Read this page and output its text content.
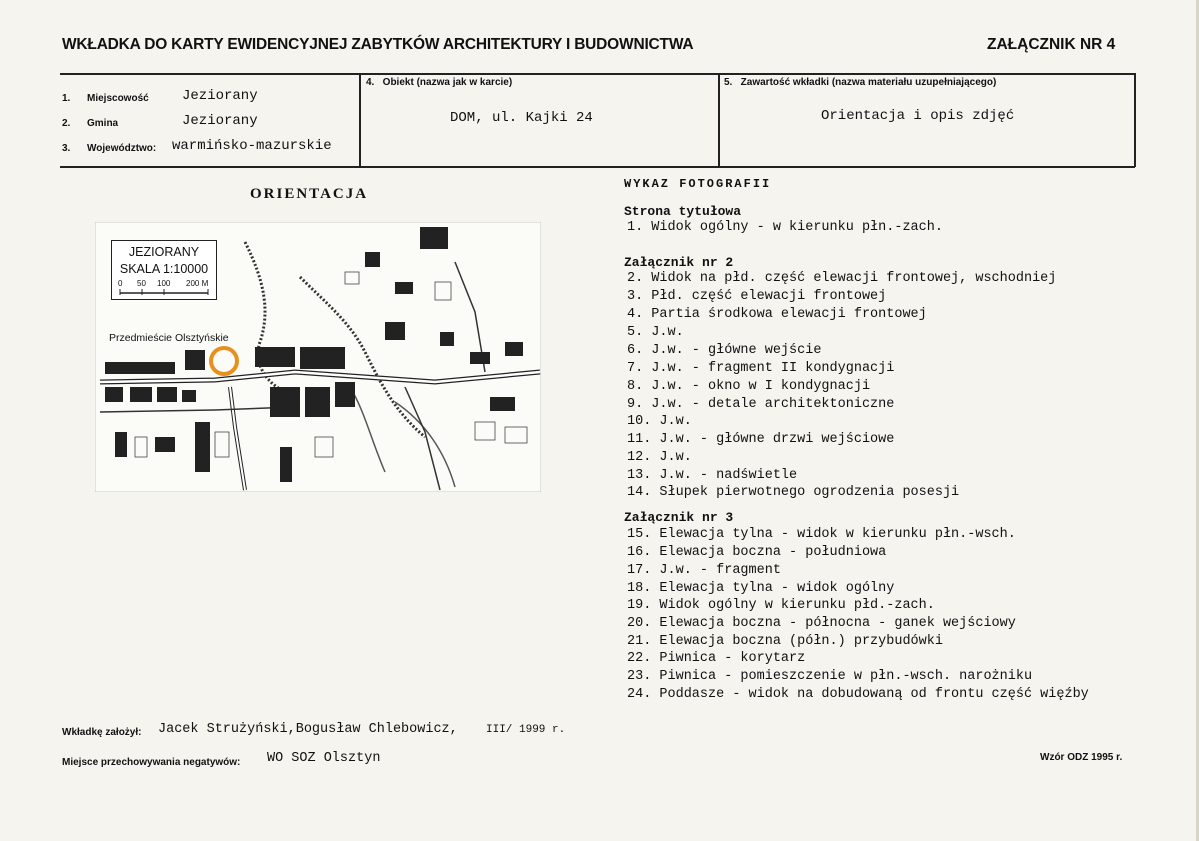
WKŁADKA DO KARTY EWIDENCYJNEJ ZABYTKÓW ARCHITEKTURY I BUDOWNICTWA	ZAŁĄCZNIK NR 4
1. Miejscowość Jeziorany
2. Gmina	Jeziorany
3. Województwo: warmińsko-mazurskie
4.   Obiekt (nazwa jak w karcie)
DOM, ul. Kajki 24
5.   Zawartość wkładki (nazwa materiału uzupełniającego)
Orientacja i opis zdjęć
ORIENTACJA
JEZIORANY
SKALA 1:10000
0 50 100 200 M
Przedmieście Olsztyńskie
WYKAZ FOTOGRAFII
Strona tytułowa
1. Widok ogólny - w kierunku płn.-zach.
Załącznik nr 2
2. Widok na płd. część elewacji frontowej, wschodniej
3. Płd. część elewacji frontowej
4. Partia środkowa elewacji frontowej
5. J.w.
6. J.w. - główne wejście
7. J.w. - fragment II kondygnacji
8. J.w. - okno w I kondygnacji
9. J.w. - detale architektoniczne
10. J.w.
11. J.w. - główne drzwi wejściowe
12. J.w.
13. J.w. - nadświetle
14. Słupek pierwotnego ogrodzenia posesji
Załącznik nr 3
15. Elewacja tylna - widok w kierunku płn.-wsch.
16. Elewacja boczna - południowa
17. J.w. - fragment
18. Elewacja tylna - widok ogólny
19. Widok ogólny w kierunku płd.-zach.
20. Elewacja boczna - północna - ganek wejściowy
21. Elewacja boczna (półn.) przybudówki
22. Piwnica - korytarz
23. Piwnica - pomieszczenie w płn.-wsch. narożniku
24. Poddasze - widok na dobudowaną od frontu część więźby
Wkładkę założył: Jacek Strużyński,Bogusław Chlebowicz,	III/ 1999 r.
Miejsce przechowywania negatywów: WO SOZ Olsztyn	Wzór ODZ 1995 r.
